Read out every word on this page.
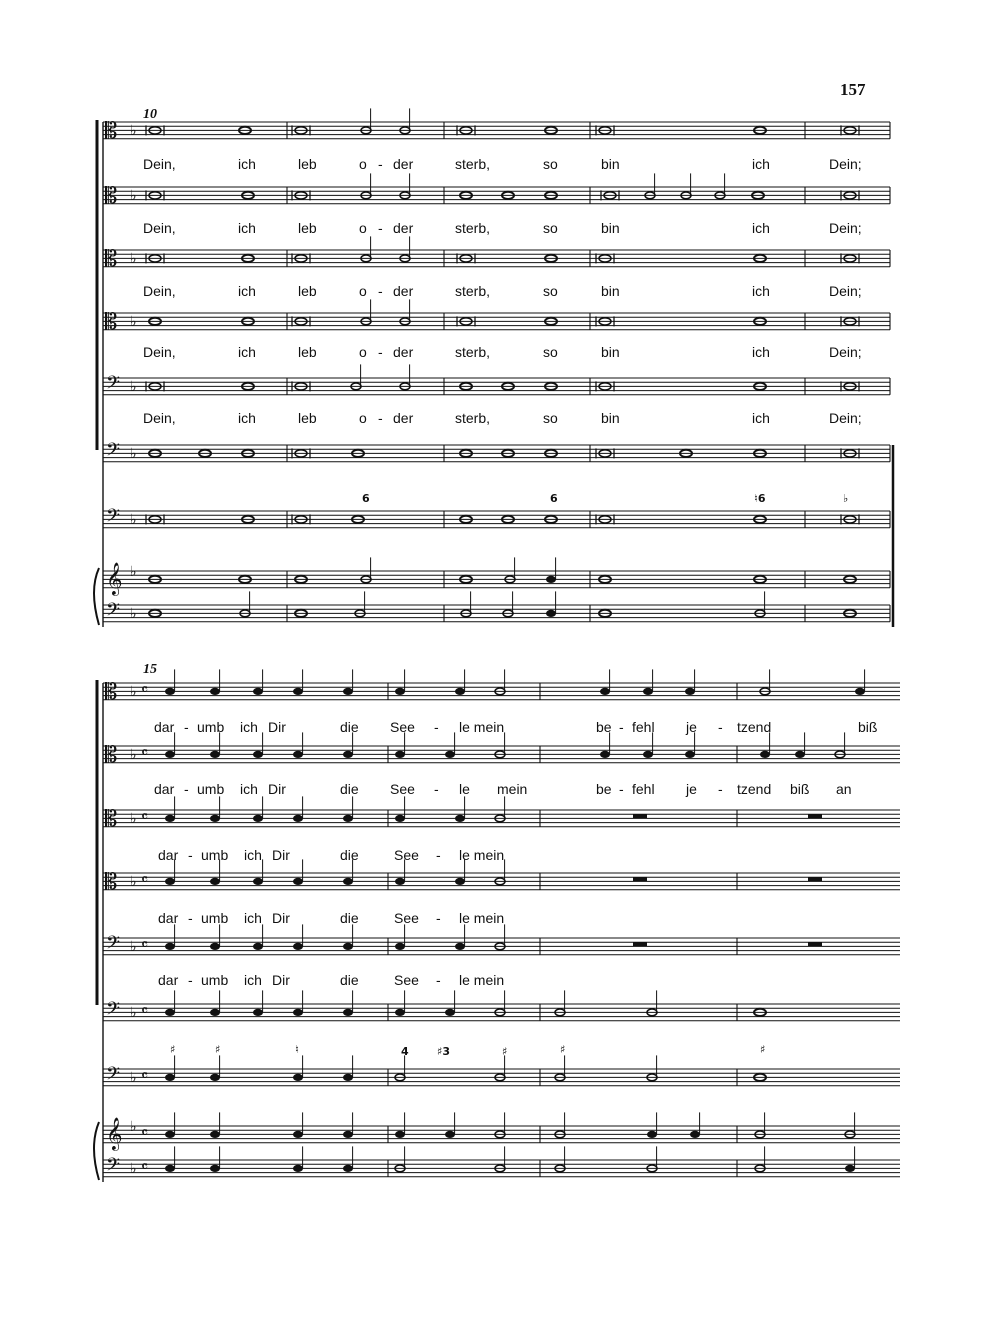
𝄡 ♭
𝄡 ♭
𝄡 ♭
𝄡 ♭
𝄢 ♭
𝄢 ♭
𝄢 ♭
𝄞 ♭
𝄢 ♭
𝄡 ♭ 𝄴
𝄡 ♭ 𝄴
𝄡 ♭ 𝄴
𝄡 ♭ 𝄴
𝄢 ♭ 𝄴
𝄢 ♭ 𝄴
𝄢 ♭ 𝄴
𝄞 ♭ 𝄴
𝄢 ♭ 𝄴
157
10
15
Dein,	ich	leb	o - der	sterb,	so	bin	ich	Dein;
Dein,	ich	leb	o - der	sterb,	so	bin	ich	Dein;
Dein,	ich	leb	o - der	sterb,	so	bin	ich	Dein;
Dein,	ich	leb	o - der	sterb,	so	bin	ich	Dein;
Dein,	ich	leb	o - der	sterb,	so	bin	ich	Dein;
6	6	♮6	♭
dar - umb ich Dir	die See - le mein	be - fehl je - tzend	biß
dar - umb ich Dir	die See - le mein	be - fehl je - tzend biß an
dar - umb ich Dir	die	See - le mein
dar - umb ich Dir	die	See - le mein
dar - umb ich Dir	die	See - le mein
♯	♯	♮	4	♯3	♯	♯	♯
